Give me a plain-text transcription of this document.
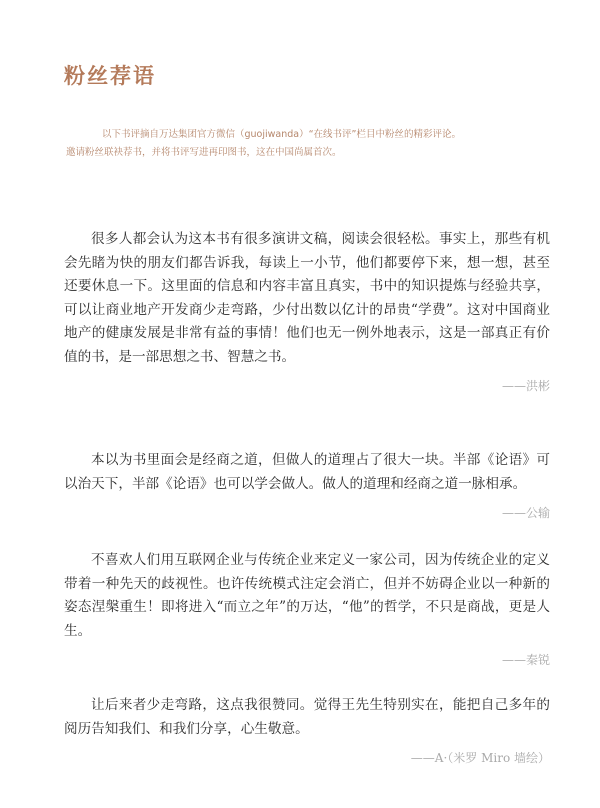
粉丝荐语

以下书评摘自万达集团官方微信（guojiwanda）“在线书评”栏目中粉丝的精彩评论。

邀请粉丝联袂荐书，并将书评写进再印图书，这在中国尚属首次。

很多人都会认为这本书有很多演讲文稿，阅读会很轻松。事实上，那些有机会先睹为快的朋友们都告诉我，每读上一小节，他们都要停下来，想一想，甚至还要休息一下。这里面的信息和内容丰富且真实，书中的知识提炼与经验共享，可以让商业地产开发商少走弯路，少付出数以亿计的昂贵“学费”。这对中国商业地产的健康发展是非常有益的事情！他们也无一例外地表示，这是一部真正有价值的书，是一部思想之书、智慧之书。

——洪彬

本以为书里面会是经商之道，但做人的道理占了很大一块。半部《论语》可以治天下，半部《论语》也可以学会做人。做人的道理和经商之道一脉相承。

——公输

不喜欢人们用互联网企业与传统企业来定义一家公司，因为传统企业的定义带着一种先天的歧视性。也许传统模式注定会消亡，但并不妨碍企业以一种新的姿态涅槃重生！即将进入“而立之年”的万达，“他”的哲学，不只是商战，更是人生。

——秦锐

让后来者少走弯路，这点我很赞同。觉得王先生特别实在，能把自己多年的阅历告知我们、和我们分享，心生敬意。

——A·（米罗 Miro 墙绘）
